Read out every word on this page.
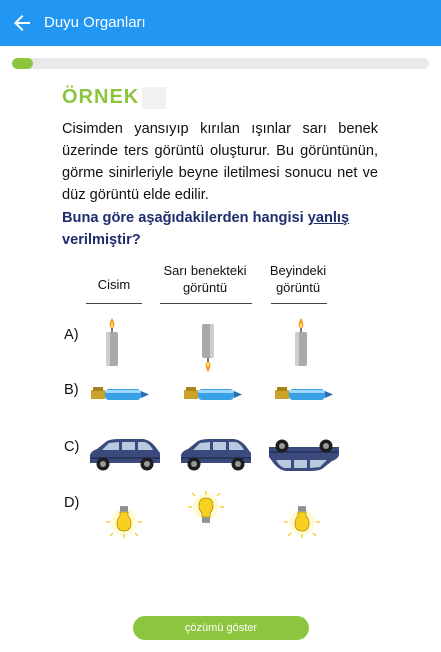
Duyu Organları
ÖRNEK
Cisimden yansıyıp kırılan ışınlar sarı benek üzerinde ters görüntü oluşturur. Bu görüntünün, görme sinirleriyle beyne iletilmesi sonucu net ve düz görüntü elde edilir.
Buna göre aşağıdakilerden hangisi yanlış verilmiştir?
Cisim
Sarı benekteki görüntü
Beyindeki görüntü
A)
B)
C)
D)
çözümü göster
